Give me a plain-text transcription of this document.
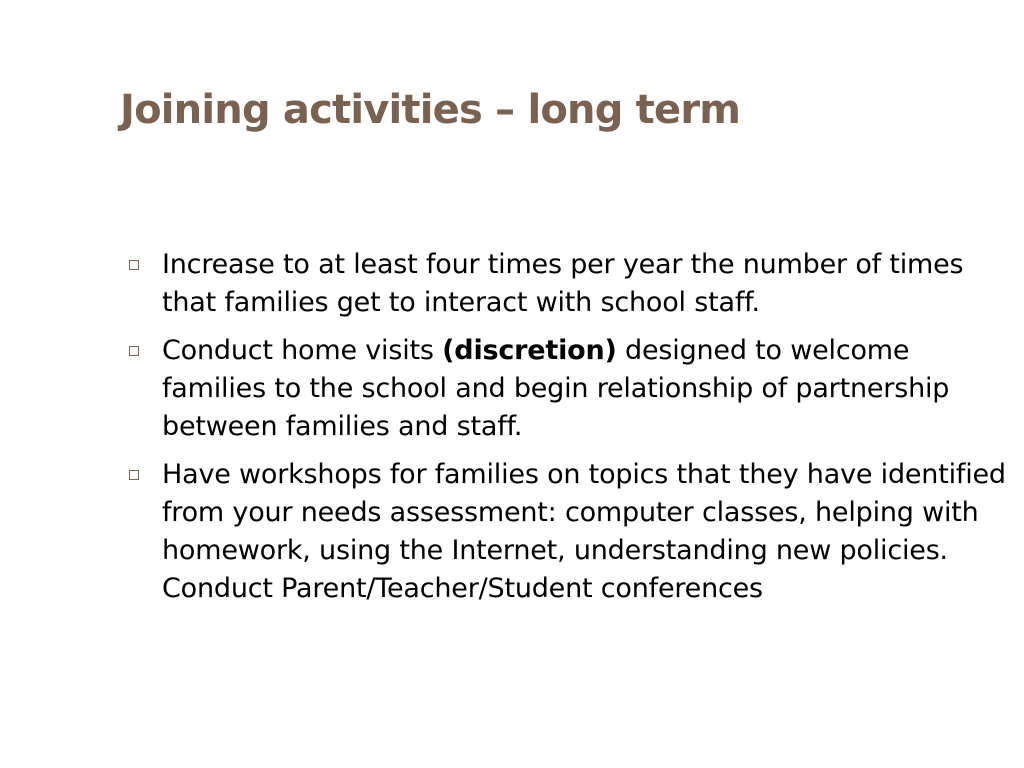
Joining activities – long term
Increase to at least four times per year the number of times that families get to interact with school staff.
Conduct home visits (discretion) designed to welcome families to the school and begin relationship of partnership between families and staff.
Have workshops for families on topics that they have identified from your needs assessment: computer classes, helping with homework, using the Internet, understanding new policies. Conduct Parent/Teacher/Student conferences
